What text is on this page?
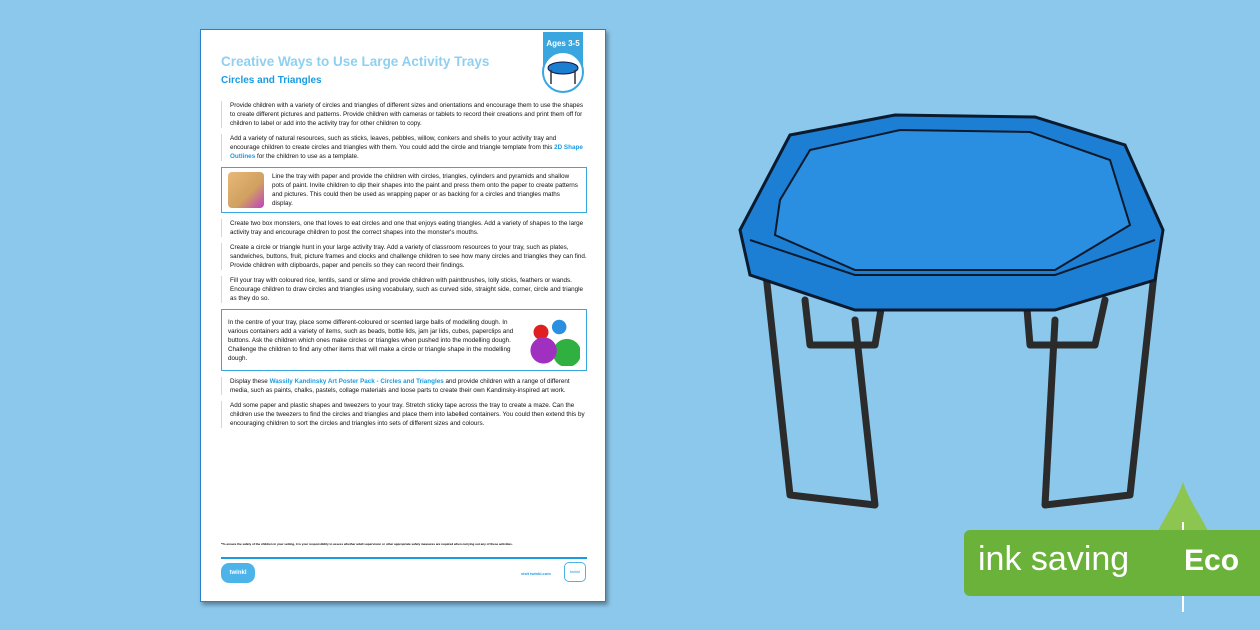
Creative Ways to Use Large Activity Trays
Circles and Triangles
Ages 3-5
Provide children with a variety of circles and triangles of different sizes and orientations and encourage them to use the shapes to create different pictures and patterns. Provide children with cameras or tablets to record their creations and print them off for children to label or add into the activity tray for other children to copy.
Add a variety of natural resources, such as sticks, leaves, pebbles, willow, conkers and shells to your activity tray and encourage children to create circles and triangles with them. You could add the circle and triangle template from this 2D Shape Outlines for the children to use as a template.
Line the tray with paper and provide the children with circles, triangles, cylinders and pyramids and shallow pots of paint. Invite children to dip their shapes into the paint and press them onto the paper to create patterns and pictures. This could then be used as wrapping paper or as backing for a circles and triangles maths display.
Create two box monsters, one that loves to eat circles and one that enjoys eating triangles. Add a variety of shapes to the large activity tray and encourage children to post the correct shapes into the monster's mouths.
Create a circle or triangle hunt in your large activity tray. Add a variety of classroom resources to your tray, such as plates, sandwiches, buttons, fruit, picture frames and clocks and challenge children to see how many circles and triangles they can find. Provide children with clipboards, paper and pencils so they can record their findings.
Fill your tray with coloured rice, lentils, sand or slime and provide children with paintbrushes, lolly sticks, feathers or wands. Encourage children to draw circles and triangles using vocabulary, such as curved side, straight side, corner, circle and triangle as they do so.
In the centre of your tray, place some different-coloured or scented large balls of modelling dough. In various containers add a variety of items, such as beads, bottle lids, jam jar lids, cubes, paperclips and buttons. Ask the children which ones make circles or triangles when pushed into the modelling dough. Challenge the children to find any other items that will make a circle or triangle shape in the modelling dough.
Display these Wassily Kandinsky Art Poster Pack - Circles and Triangles and provide children with a range of different media, such as paints, chalks, pastels, collage materials and loose parts to create their own Kandinsky-inspired art work.
Add some paper and plastic shapes and tweezers to your tray. Stretch sticky tape across the tray to create a maze. Can the children use the tweezers to find the circles and triangles and place them into labelled containers. You could then extend this by encouraging children to sort the circles and triangles into sets of different sizes and colours.
*To ensure the safety of the children in your setting, it is your responsibility to assess whether adult supervision or other appropriate safety measures are required when carrying out any of these activities.
twinkl	visit twinkl.com	twinkl	ink saving Eco
